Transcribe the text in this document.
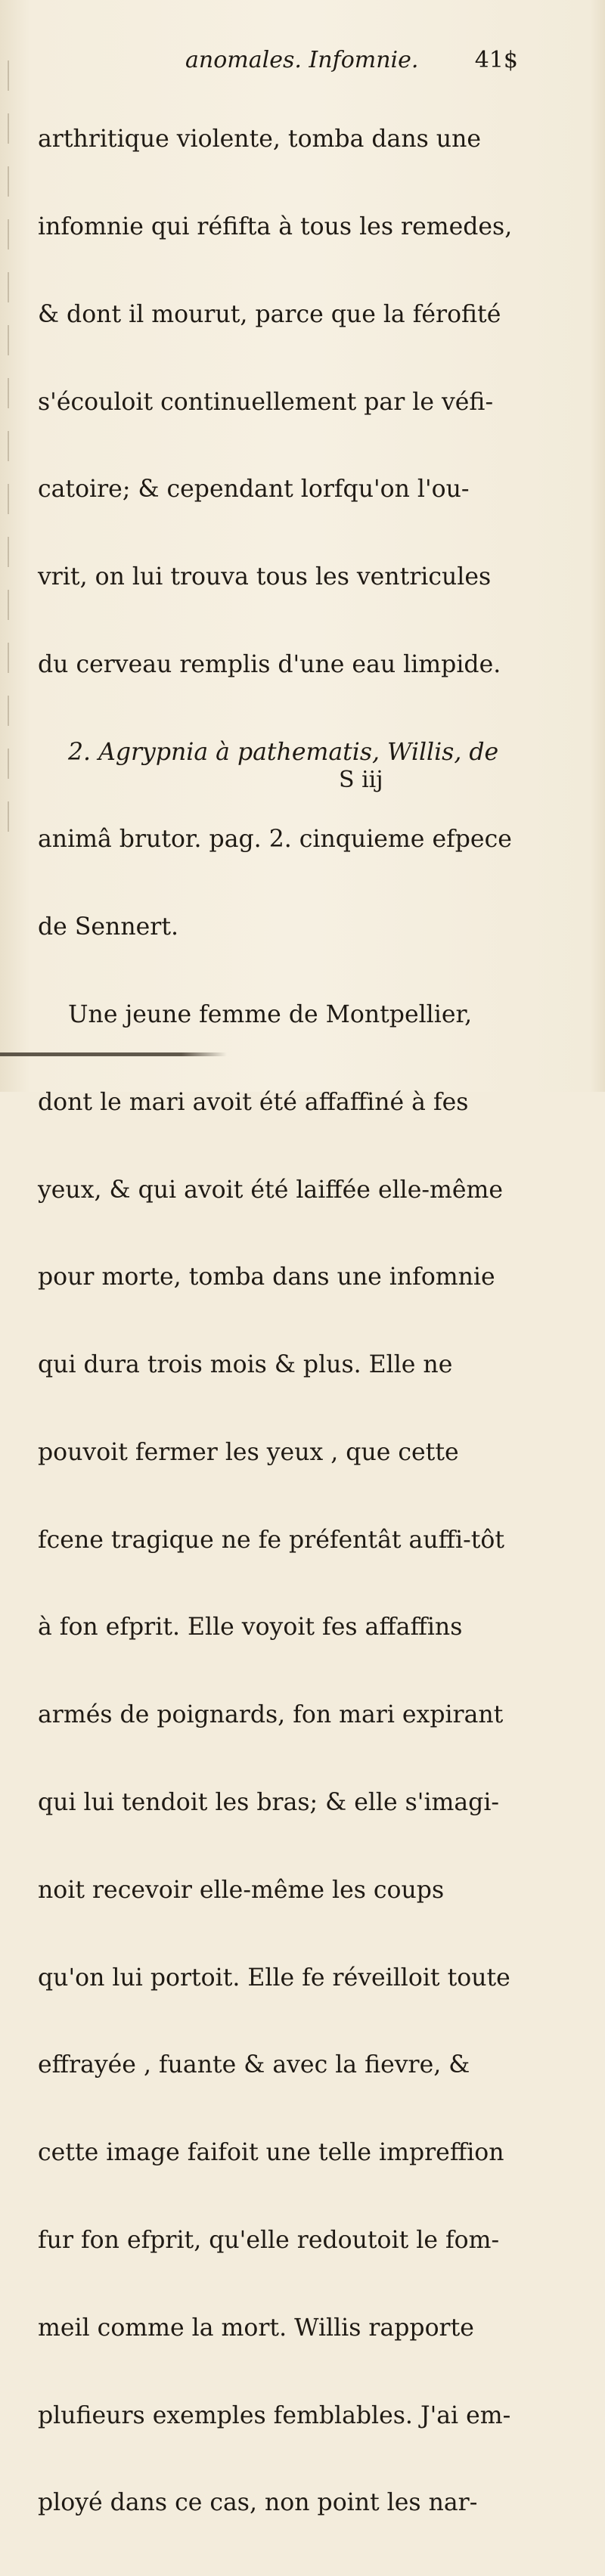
anomales. Infomnie. 41$

arthritique violente, tomba dans une

infomnie qui réfifta à tous les remedes,

& dont il mourut, parce que la férofité

s'écouloit continuellement par le véfi-

catoire; & cependant lorfqu'on l'ou-

vrit, on lui trouva tous les ventricules

du cerveau remplis d'une eau limpide.

2. Agrypnia à pathematis, Willis, de

animâ brutor. pag. 2. cinquieme efpece

de Sennert.

Une jeune femme de Montpellier,

dont le mari avoit été affaffiné à fes

yeux, & qui avoit été laiffée elle-même

pour morte, tomba dans une infomnie

qui dura trois mois & plus. Elle ne

pouvoit fermer les yeux , que cette

fcene tragique ne fe préfentât auffi-tôt

à fon efprit. Elle voyoit fes affaffins

armés de poignards, fon mari expirant

qui lui tendoit les bras; & elle s'imagi-

noit recevoir elle-même les coups

qu'on lui portoit. Elle fe réveilloit toute

effrayée , fuante & avec la fievre, &

cette image faifoit une telle impreffion

fur fon efprit, qu'elle redoutoit le fom-

meil comme la mort. Willis rapporte

plufieurs exemples femblables. J'ai em-

ployé dans ce cas, non point les nar-

S iij
